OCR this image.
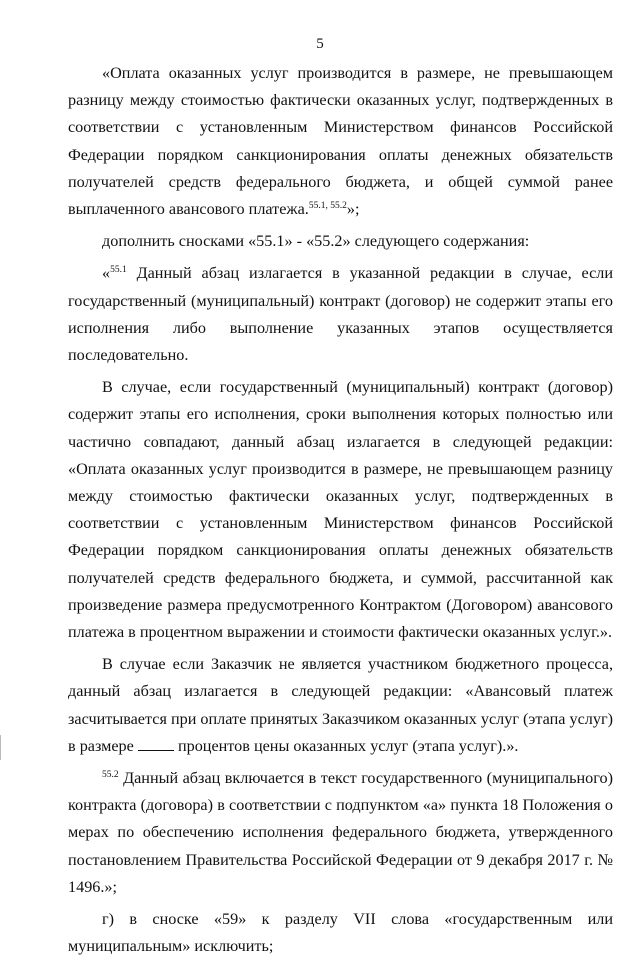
5

«Оплата оказанных услуг производится в размере, не превышающем разницу между стоимостью фактически оказанных услуг, подтвержденных в соответствии с установленным Министерством финансов Российской Федерации порядком санкционирования оплаты денежных обязательств получателей средств федерального бюджета, и общей суммой ранее выплаченного авансового платежа.$^{55.1, 55.2}$»;

дополнить сносками «55.1» - «55.2» следующего содержания:

«$^{55.1}$ Данный абзац излагается в указанной редакции в случае, если государственный (муниципальный) контракт (договор) не содержит этапы его исполнения либо выполнение указанных этапов осуществляется последовательно.

В случае, если государственный (муниципальный) контракт (договор) содержит этапы его исполнения, сроки выполнения которых полностью или частично совпадают, данный абзац излагается в следующей редакции: «Оплата оказанных услуг производится в размере, не превышающем разницу между стоимостью фактически оказанных услуг, подтвержденных в соответствии с установленным Министерством финансов Российской Федерации порядком санкционирования оплаты денежных обязательств получателей средств федерального бюджета, и суммой, рассчитанной как произведение размера предусмотренного Контрактом (Договором) авансового платежа в процентном выражении и стоимости фактически оказанных услуг.».

В случае если Заказчик не является участником бюджетного процесса, данный абзац излагается в следующей редакции: «Авансовый платеж засчитывается при оплате принятых Заказчиком оказанных услуг (этапа услуг) в размере	процентов цены оказанных услуг (этапа услуг).».

$^{55.2}$ Данный абзац включается в текст государственного (муниципального) контракта (договора) в соответствии с подпунктом «а» пункта 18 Положения о мерах по обеспечению исполнения федерального бюджета, утвержденного постановлением Правительства Российской Федерации от 9 декабря 2017 г. № 1496.»;

г) в сноске «59» к разделу VII слова «государственным или муниципальным» исключить;
